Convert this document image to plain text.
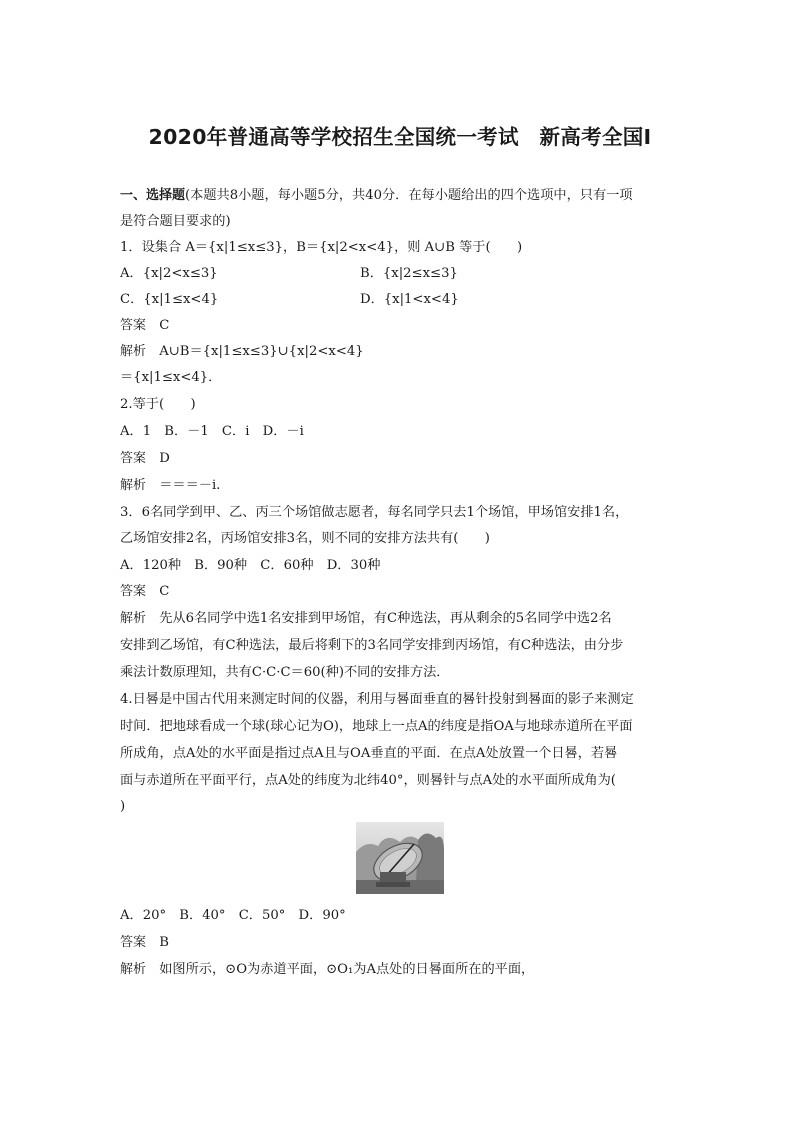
2020年普通高等学校招生全国统一考试　新高考全国Ⅰ
一、选择题(本题共8小题，每小题5分，共40分．在每小题给出的四个选项中，只有一项
是符合题目要求的)
1．设集合 A＝{x|1≤x≤3}，B＝{x|2<x<4}，则 A∪B 等于(　　)
A．{x|2<x≤3}	B．{x|2≤x≤3}
C．{x|1≤x<4}	D．{x|1<x<4}
答案　 C
解析　 A∪B＝{x|1≤x≤3}∪{x|2<x<4}
＝{x|1≤x<4}．
2.等于(　　)
A．1　B．－1　C．i　D．－i
答案　 D
解析　 ＝＝＝－i.
3．6名同学到甲、乙、丙三个场馆做志愿者，每名同学只去1个场馆，甲场馆安排1名，
乙场馆安排2名，丙场馆安排3名，则不同的安排方法共有(　　)
A．120种　B．90种　C．60种　D．30种
答案　 C
解析　 先从6名同学中选1名安排到甲场馆，有C种选法，再从剩余的5名同学中选2名
安排到乙场馆，有C种选法，最后将剩下的3名同学安排到丙场馆，有C种选法，由分步
乘法计数原理知，共有C·C·C＝60(种)不同的安排方法．
4.日晷是中国古代用来测定时间的仪器，利用与晷面垂直的晷针投射到晷面的影子来测定
时间．把地球看成一个球(球心记为O)，地球上一点A的纬度是指OA与地球赤道所在平面
所成角，点A处的水平面是指过点A且与OA垂直的平面．在点A处放置一个日晷，若晷
面与赤道所在平面平行，点A处的纬度为北纬40°，则晷针与点A处的水平面所成角为(
)
A．20°　B．40°　C．50°　D．90°
答案　 B
解析　 如图所示，⊙O为赤道平面，⊙O₁为A点处的日晷面所在的平面，
